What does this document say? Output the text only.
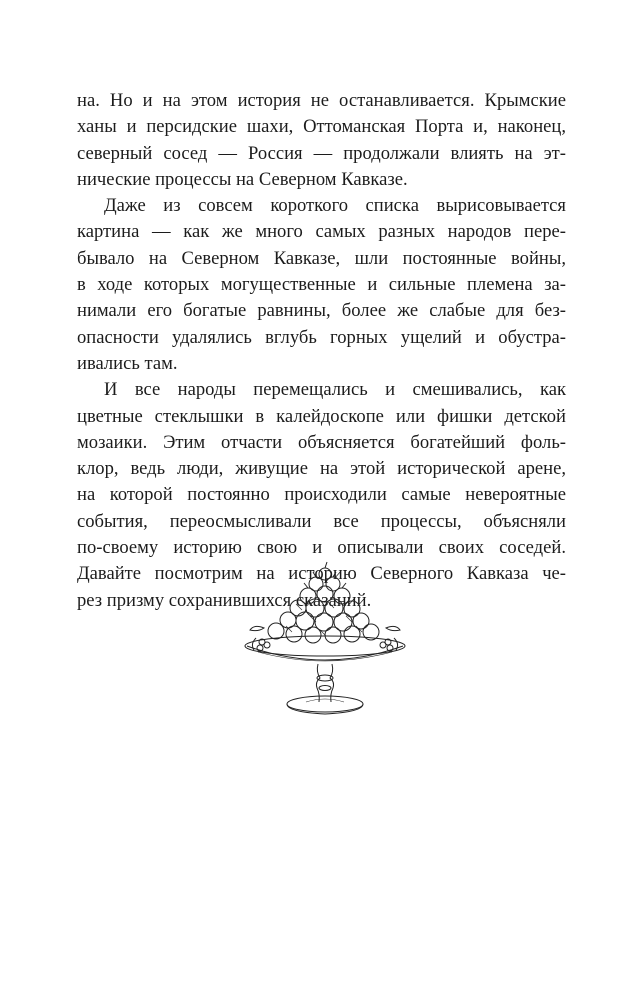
на. Но и на этом история не останавливается. Крымские
ханы и персидские шахи, Оттоманская Порта и, наконец,
северный сосед — Россия — продолжали влиять на эт-
нические процессы на Северном Кавказе.
Даже из совсем короткого списка вырисовывается
картина — как же много самых разных народов пере-
бывало на Северном Кавказе, шли постоянные войны,
в ходе которых могущественные и сильные племена за-
нимали его богатые равнины, более же слабые для без-
опасности удалялись вглубь горных ущелий и обустра-
ивались там.
И все народы перемещались и смешивались, как
цветные стеклышки в калейдоскопе или фишки детской
мозаики. Этим отчасти объясняется богатейший фоль-
клор, ведь люди, живущие на этой исторической арене,
на которой постоянно происходили самые невероятные
события, переосмысливали все процессы, объясняли
по-своему историю свою и описывали своих соседей.
Давайте посмотрим на историю Северного Кавказа че-
рез призму сохранившихся сказаний.
